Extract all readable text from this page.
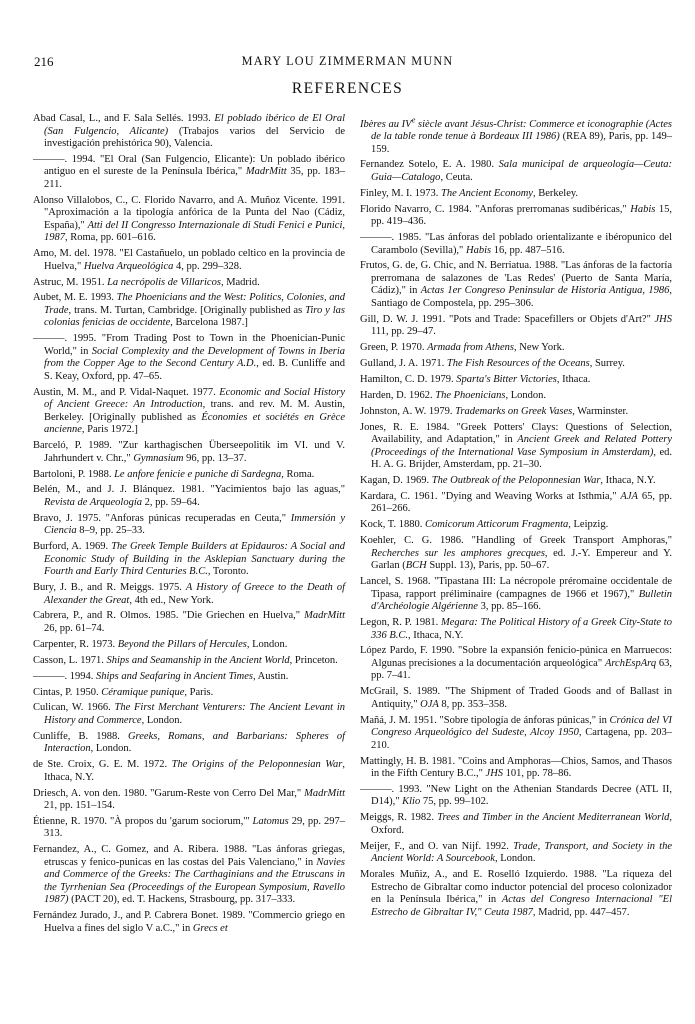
216	MARY LOU ZIMMERMAN MUNN
REFERENCES

Abad Casal, L., and F. Sala Sellés. 1993. El poblado ibérico de El Oral (San Fulgencio, Alicante) (Trabajos varios del Servicio de investigación prehistórica 90), Valencia.

———. 1994. "El Oral (San Fulgencio, Elicante): Un poblado ibérico antiguo en el sureste de la Península Ibérica," MadrMitt 35, pp. 183–211.

Alonso Villalobos, C., C. Florido Navarro, and A. Muñoz Vicente. 1991. "Aproximación a la tipología anfórica de la Punta del Nao (Cádiz, España)," Atti del II Congresso Internazionale di Studi Fenici e Punici, 1987, Roma, pp. 601–616.

Amo, M. del. 1978. "El Castañuelo, un poblado celtico en la provincia de Huelva," Huelva Arqueológica 4, pp. 299–328.

Astruc, M. 1951. La necrópolis de Villaricos, Madrid.

Aubet, M. E. 1993. The Phoenicians and the West: Politics, Colonies, and Trade, trans. M. Turtan, Cambridge. [Originally published as Tiro y las colonias fenicias de occidente, Barcelona 1987.]

———. 1995. "From Trading Post to Town in the Phoenician-Punic World," in Social Complexity and the Development of Towns in Iberia from the Copper Age to the Second Century A.D., ed. B. Cunliffe and S. Keay, Oxford, pp. 47–65.

Austin, M. M., and P. Vidal-Naquet. 1977. Economic and Social History of Ancient Greece: An Introduction, trans. and rev. M. M. Austin, Berkeley. [Originally published as Économies et sociétés en Grèce ancienne, Paris 1972.]

Barceló, P. 1989. "Zur karthagischen Überseepolitik im VI. und V. Jahrhundert v. Chr.," Gymnasium 96, pp. 13–37.

Bartoloni, P. 1988. Le anfore fenicie e puniche di Sardegna, Roma.

Belén, M., and J. J. Blánquez. 1981. "Yacimientos bajo las aguas," Revista de Arqueología 2, pp. 59–64.

Bravo, J. 1975. "Anforas púnicas recuperadas en Ceuta," Immersión y Ciencia 8–9, pp. 25–33.

Burford, A. 1969. The Greek Temple Builders at Epidauros: A Social and Economic Study of Building in the Asklepian Sanctuary during the Fourth and Early Third Centuries B.C., Toronto.

Bury, J. B., and R. Meiggs. 1975. A History of Greece to the Death of Alexander the Great, 4th ed., New York.

Cabrera, P., and R. Olmos. 1985. "Die Griechen en Huelva," MadrMitt 26, pp. 61–74.

Carpenter, R. 1973. Beyond the Pillars of Hercules, London.

Casson, L. 1971. Ships and Seamanship in the Ancient World, Princeton.

———. 1994. Ships and Seafaring in Ancient Times, Austin.

Cintas, P. 1950. Céramique punique, Paris.

Culican, W. 1966. The First Merchant Venturers: The Ancient Levant in History and Commerce, London.

Cunliffe, B. 1988. Greeks, Romans, and Barbarians: Spheres of Interaction, London.

de Ste. Croix, G. E. M. 1972. The Origins of the Peloponnesian War, Ithaca, N.Y.

Driesch, A. von den. 1980. "Garum-Reste von Cerro Del Mar," MadrMitt 21, pp. 151–154.

Étienne, R. 1970. "À propos du 'garum sociorum,'" Latomus 29, pp. 297–313.

Fernandez, A., C. Gomez, and A. Ribera. 1988. "Las ánforas griegas, etruscas y fenico-punicas en las costas del Pais Valenciano," in Navies and Commerce of the Greeks: The Carthaginians and the Etruscans in the Tyrrhenian Sea (Proceedings of the European Symposium, Ravello 1987) (PACT 20), ed. T. Hackens, Strasbourg, pp. 317–333.

Fernández Jurado, J., and P. Cabrera Bonet. 1989. "Commercio griego en Huelva a fines del siglo V a.C.," in Grecs et

Ibères au IVe siècle avant Jésus-Christ: Commerce et iconographie (Actes de la table ronde tenue à Bordeaux III 1986) (REA 89), Paris, pp. 149–159.

Fernandez Sotelo, E. A. 1980. Sala municipal de arqueología—Ceuta: Guia—Catalogo, Ceuta.

Finley, M. I. 1973. The Ancient Economy, Berkeley.

Florido Navarro, C. 1984. "Anforas prerromanas sudibéricas," Habis 15, pp. 419–436.

———. 1985. "Las ánforas del poblado orientalizante e ibéropunico del Carambolo (Sevilla)," Habis 16, pp. 487–516.

Frutos, G. de, G. Chic, and N. Berriatua. 1988. "Las ánforas de la factoría prerromana de salazones de 'Las Redes' (Puerto de Santa María, Cádiz)," in Actas 1er Congreso Peninsular de Historia Antigua, 1986, Santiago de Compostela, pp. 295–306.

Gill, D. W. J. 1991. "Pots and Trade: Spacefillers or Objets d'Art?" JHS 111, pp. 29–47.

Green, P. 1970. Armada from Athens, New York.

Gulland, J. A. 1971. The Fish Resources of the Oceans, Surrey.

Hamilton, C. D. 1979. Sparta's Bitter Victories, Ithaca.

Harden, D. 1962. The Phoenicians, London.

Johnston, A. W. 1979. Trademarks on Greek Vases, Warminster.

Jones, R. E. 1984. "Greek Potters' Clays: Questions of Selection, Availability, and Adaptation," in Ancient Greek and Related Pottery (Proceedings of the International Vase Symposium in Amsterdam), ed. H. A. G. Brijder, Amsterdam, pp. 21–30.

Kagan, D. 1969. The Outbreak of the Peloponnesian War, Ithaca, N.Y.

Kardara, C. 1961. "Dying and Weaving Works at Isthmia," AJA 65, pp. 261–266.

Kock, T. 1880. Comicorum Atticorum Fragmenta, Leipzig.

Koehler, C. G. 1986. "Handling of Greek Transport Amphoras," Recherches sur les amphores grecques, ed. J.-Y. Empereur and Y. Garlan (BCH Suppl. 13), Paris, pp. 50–67.

Lancel, S. 1968. "Tipastana III: La nécropole préromaine occidentale de Tipasa, rapport préliminaire (campagnes de 1966 et 1967)," Bulletin d'Archéologie Algérienne 3, pp. 85–166.

Legon, R. P. 1981. Megara: The Political History of a Greek City-State to 336 B.C., Ithaca, N.Y.

López Pardo, F. 1990. "Sobre la expansión fenicio-púnica en Marruecos: Algunas precisiones a la documentación arqueológica" ArchEspArq 63, pp. 7–41.

McGrail, S. 1989. "The Shipment of Traded Goods and of Ballast in Antiquity," OJA 8, pp. 353–358.

Mañá, J. M. 1951. "Sobre tipología de ánforas púnicas," in Crónica del VI Congreso Arqueológico del Sudeste, Alcoy 1950, Cartagena, pp. 203–210.

Mattingly, H. B. 1981. "Coins and Amphoras—Chios, Samos, and Thasos in the Fifth Century B.C.," JHS 101, pp. 78–86.

———. 1993. "New Light on the Athenian Standards Decree (ATL II, D14)," Klio 75, pp. 99–102.

Meiggs, R. 1982. Trees and Timber in the Ancient Mediterranean World, Oxford.

Meijer, F., and O. van Nijf. 1992. Trade, Transport, and Society in the Ancient World: A Sourcebook, London.

Morales Muñiz, A., and E. Roselló Izquierdo. 1988. "La riqueza del Estrecho de Gibraltar como inductor potencial del proceso colonizador en la Península Ibérica," in Actas del Congreso Internacional "El Estrecho de Gibraltar IV," Ceuta 1987, Madrid, pp. 447–457.
